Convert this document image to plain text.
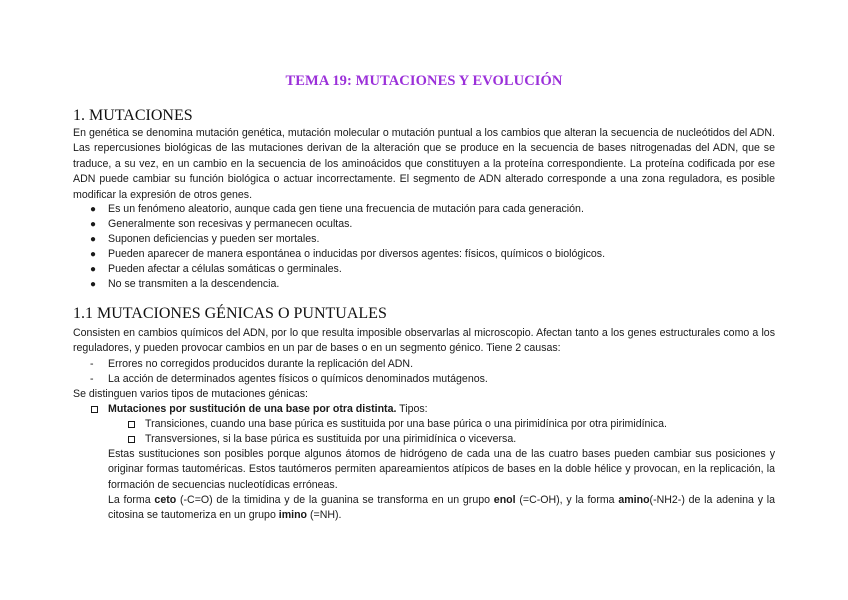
TEMA 19: MUTACIONES Y EVOLUCIÓN
1. MUTACIONES

En genética se denomina mutación genética, mutación molecular o mutación puntual a los cambios que alteran la secuencia de nucleótidos del ADN. Las repercusiones biológicas de las mutaciones derivan de la alteración que se produce en la secuencia de bases nitrogenadas del ADN, que se traduce, a su vez, en un cambio en la secuencia de los aminoácidos que constituyen a la proteína correspondiente. La proteína codificada por ese ADN puede cambiar su función biológica o actuar incorrectamente. El segmento de ADN alterado corresponde a una zona reguladora, es posible modificar la expresión de otros genes.

● Es un fenómeno aleatorio, aunque cada gen tiene una frecuencia de mutación para cada generación.
● Generalmente son recesivas y permanecen ocultas.
● Suponen deficiencias y pueden ser mortales.
● Pueden aparecer de manera espontánea o inducidas por diversos agentes: físicos, químicos o biológicos.
● Pueden afectar a células somáticas o germinales.
● No se transmiten a la descendencia.
1.1 MUTACIONES GÉNICAS O PUNTUALES

Consisten en cambios químicos del ADN, por lo que resulta imposible observarlas al microscopio. Afectan tanto a los genes estructurales como a los reguladores, y pueden provocar cambios en un par de bases o en un segmento génico. Tiene 2 causas:

- Errores no corregidos producidos durante la replicación del ADN.
- La acción de determinados agentes físicos o químicos denominados mutágenos.
Se distinguen varios tipos de mutaciones génicas:
Mutaciones por sustitución de una base por otra distinta. Tipos:
Transiciones, cuando una base púrica es sustituida por una base púrica o una pirimidínica por otra pirimidínica.
Transversiones, si la base púrica es sustituida por una pirimidínica o viceversa.

Estas sustituciones son posibles porque algunos átomos de hidrógeno de cada una de las cuatro bases pueden cambiar sus posiciones y originar formas tautoméricas. Estos tautómeros permiten apareamientos atípicos de bases en la doble hélice y provocan, en la replicación, la formación de secuencias nucleotídicas erróneas.

La forma ceto (-C=O) de la timidina y de la guanina se transforma en un grupo enol (=C-OH), y la forma amino(-NH2-) de la adenina y la citosina se tautomeriza en un grupo imino (=NH).
